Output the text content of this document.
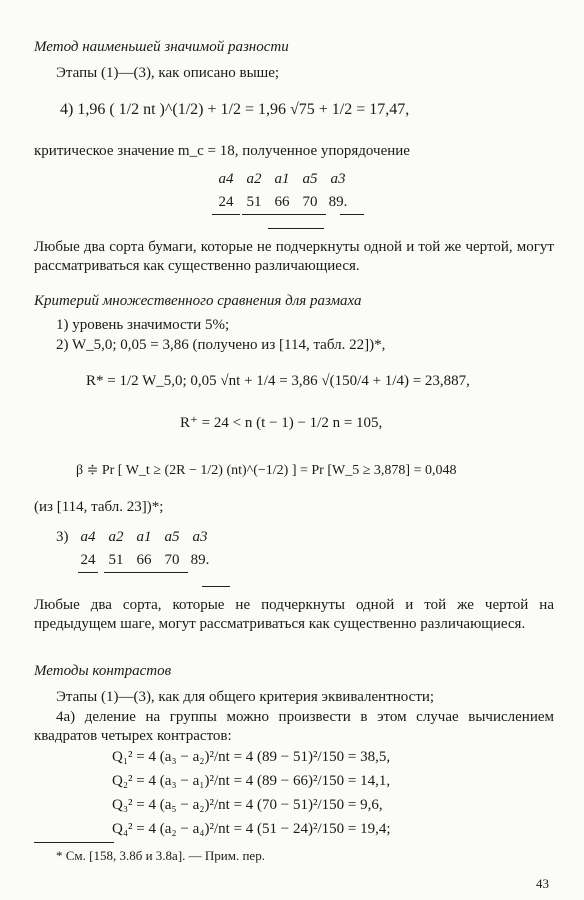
Метод наименьшей значимой разности
Этапы (1)—(3), как описано выше;
4) 1,96 ( 1/2 nt )^(1/2) + 1/2 = 1,96 √75 + 1/2 = 17,47,
критическое значение m_c = 18, полученное упорядочение
a4 a2 a1 a5 a3
24 51 66 70 89.
Любые два сорта бумаги, которые не подчеркнуты одной и той же чертой, могут рассматриваться как существенно различающиеся.
Критерий множественного сравнения для размаха
1) уровень значимости 5%;
2) W_5,0; 0,05 = 3,86 (получено из [114, табл. 22])*,
R* = 1/2 W_5,0; 0,05 √nt + 1/4 = 3,86 √(150/4 + 1/4) = 23,887,
R⁺ = 24 < n (t − 1) − 1/2 n = 105,
β ≑ Pr [ W_t ≥ (2R − 1/2) (nt)^(−1/2) ] = Pr [W_5 ≥ 3,878] = 0,048
(из [114, табл. 23])*;
3) a4 a2 a1 a5 a3
24 51 66 70 89.
Любые два сорта, которые не подчеркнуты одной и той же чертой на предыдущем шаге, могут рассматриваться как существенно различающиеся.
Методы контрастов
Этапы (1)—(3), как для общего критерия эквивалентности;
4а) деление на группы можно произвести в этом случае вычислением квадратов четырех контрастов:
Q₁² = 4 (a₃ − a₂)²/nt = 4 (89 − 51)²/150 = 38,5,
Q₂² = 4 (a₃ − a₁)²/nt = 4 (89 − 66)²/150 = 14,1,
Q₃² = 4 (a₅ − a₂)²/nt = 4 (70 − 51)²/150 = 9,6,
Q₄² = 4 (a₂ − a₄)²/nt = 4 (51 − 24)²/150 = 19,4;
* См. [158, 3.8б и 3.8а]. — Прим. пер.
43
